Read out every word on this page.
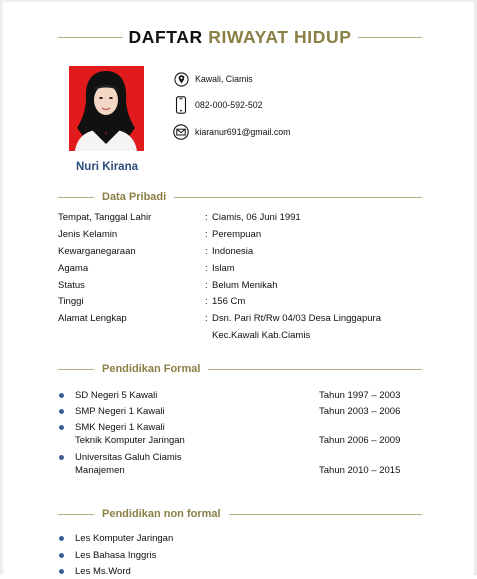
DAFTAR RIWAYAT HIDUP
Nuri Kirana
Kawali, Ciamis
082-000-592-502
kiaranur691@gmail.com
Data Pribadi
Tempat, Tanggal Lahir	: Ciamis, 06 Juni 1991
Jenis Kelamin	: Perempuan
Kewarganegaraan	: Indonesia
Agama	: Islam
Status	: Belum Menikah
Tinggi	: 156 Cm
Alamat Lengkap	: Dsn. Pari Rt/Rw 04/03 Desa Linggapura
Kec.Kawali Kab.Ciamis
Pendidikan Formal
SD Negeri 5 Kawali	Tahun 1997 – 2003
SMP Negeri 1 Kawali	Tahun 2003 – 2006
SMK Negeri 1 Kawali
Teknik Komputer Jaringan	Tahun 2006 – 2009
Universitas Galuh Ciamis
Manajemen	Tahun 2010 – 2015
Pendidikan non formal
Les Komputer Jaringan
Les Bahasa Inggris
Les Ms.Word
